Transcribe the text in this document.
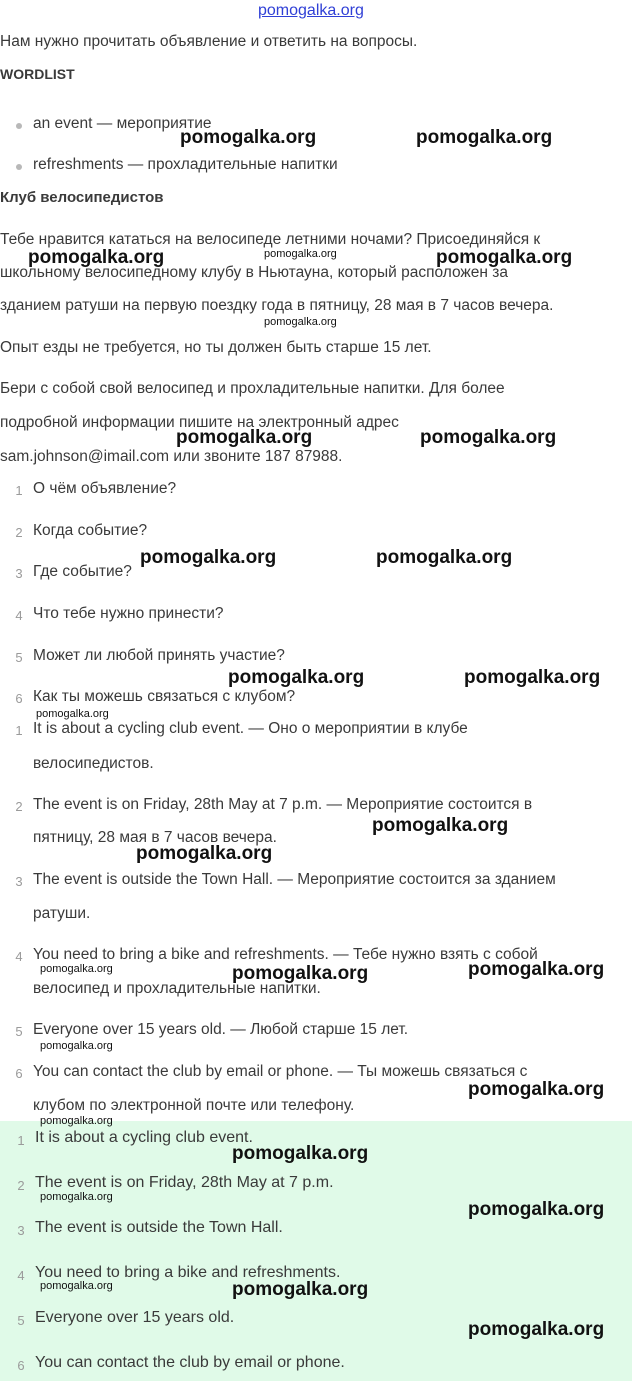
pomogalka.org
Нам нужно прочитать объявление и ответить на вопросы.
WORDLIST
an event — мероприятие
refreshments — прохладительные напитки
Клуб велосипедистов
Тебе нравится кататься на велосипеде летними ночами? Присоединяйся к
школьному велосипедному клубу в Ньютауна, который расположен за
зданием ратуши на первую поездку года в пятницу, 28 мая в 7 часов вечера.
Опыт езды не требуется, но ты должен быть старше 15 лет.
Бери с собой свой велосипед и прохладительные напитки. Для более
подробной информации пишите на электронный адрес
sam.johnson@imail.com или звоните 187 87988.
1 О чём объявление?
2 Когда событие?
3 Где событие?
4 Что тебе нужно принести?
5 Может ли любой принять участие?
6 Как ты можешь связаться с клубом?
1 It is about a cycling club event. — Оно о мероприятии в клубе
велосипедистов.
2 The event is on Friday, 28th May at 7 p.m. — Мероприятие состоится в
пятницу, 28 мая в 7 часов вечера.
3 The event is outside the Town Hall. — Мероприятие состоится за зданием
ратуши.
4 You need to bring a bike and refreshments. — Тебе нужно взять с собой
велосипед и прохладительные напитки.
5 Everyone over 15 years old. — Любой старше 15 лет.
6 You can contact the club by email or phone. — Ты можешь связаться с
клубом по электронной почте или телефону.
1 It is about a cycling club event.
2 The event is on Friday, 28th May at 7 p.m.
3 The event is outside the Town Hall.
4 You need to bring a bike and refreshments.
5 Everyone over 15 years old.
6 You can contact the club by email or phone.
pomogalka.org	pomogalka.org
pomogalka.org	pomogalka.org	pomogalka.org
pomogalka.org
pomogalka.org	pomogalka.org
pomogalka.org	pomogalka.org
pomogalka.org	pomogalka.org
pomogalka.org
pomogalka.org
pomogalka.org
pomogalka.org	pomogalka.org	pomogalka.org
pomogalka.org
pomogalka.org
pomogalka.org
pomogalka.org
pomogalka.org
pomogalka.org
pomogalka.org	pomogalka.org
pomogalka.org
